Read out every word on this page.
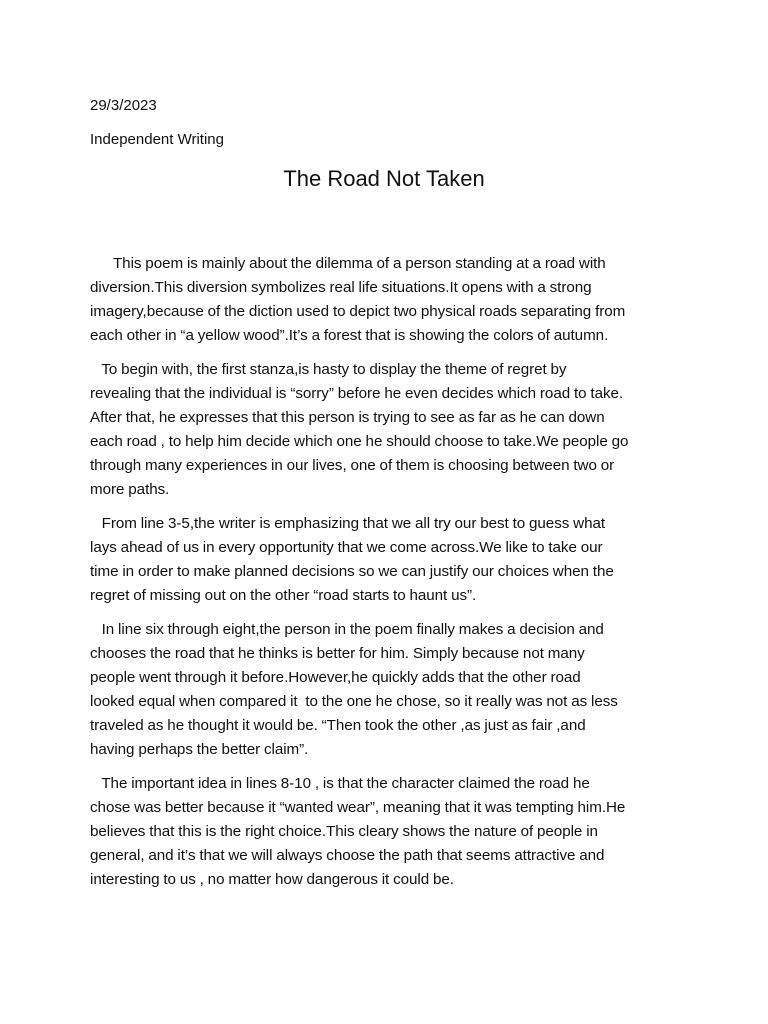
29/3/2023
Independent Writing
The Road Not Taken

This poem is mainly about the dilemma of a person standing at a road with
diversion.This diversion symbolizes real life situations.It opens with a strong
imagery,because of the diction used to depict two physical roads separating from
each other in “a yellow wood”.It’s a forest that is showing the colors of autumn.

To begin with, the first stanza,is hasty to display the theme of regret by
revealing that the individual is “sorry” before he even decides which road to take.
After that, he expresses that this person is trying to see as far as he can down
each road , to help him decide which one he should choose to take.We people go
through many experiences in our lives, one of them is choosing between two or
more paths.

From line 3-5,the writer is emphasizing that we all try our best to guess what
lays ahead of us in every opportunity that we come across.We like to take our
time in order to make planned decisions so we can justify our choices when the
regret of missing out on the other “road starts to haunt us”.

In line six through eight,the person in the poem finally makes a decision and
chooses the road that he thinks is better for him. Simply because not many
people went through it before.However,he quickly adds that the other road
looked equal when compared it  to the one he chose, so it really was not as less
traveled as he thought it would be. “Then took the other ,as just as fair ,and
having perhaps the better claim”.

The important idea in lines 8-10 , is that the character claimed the road he
chose was better because it “wanted wear”, meaning that it was tempting him.He
believes that this is the right choice.This cleary shows the nature of people in
general, and it’s that we will always choose the path that seems attractive and
interesting to us , no matter how dangerous it could be.
